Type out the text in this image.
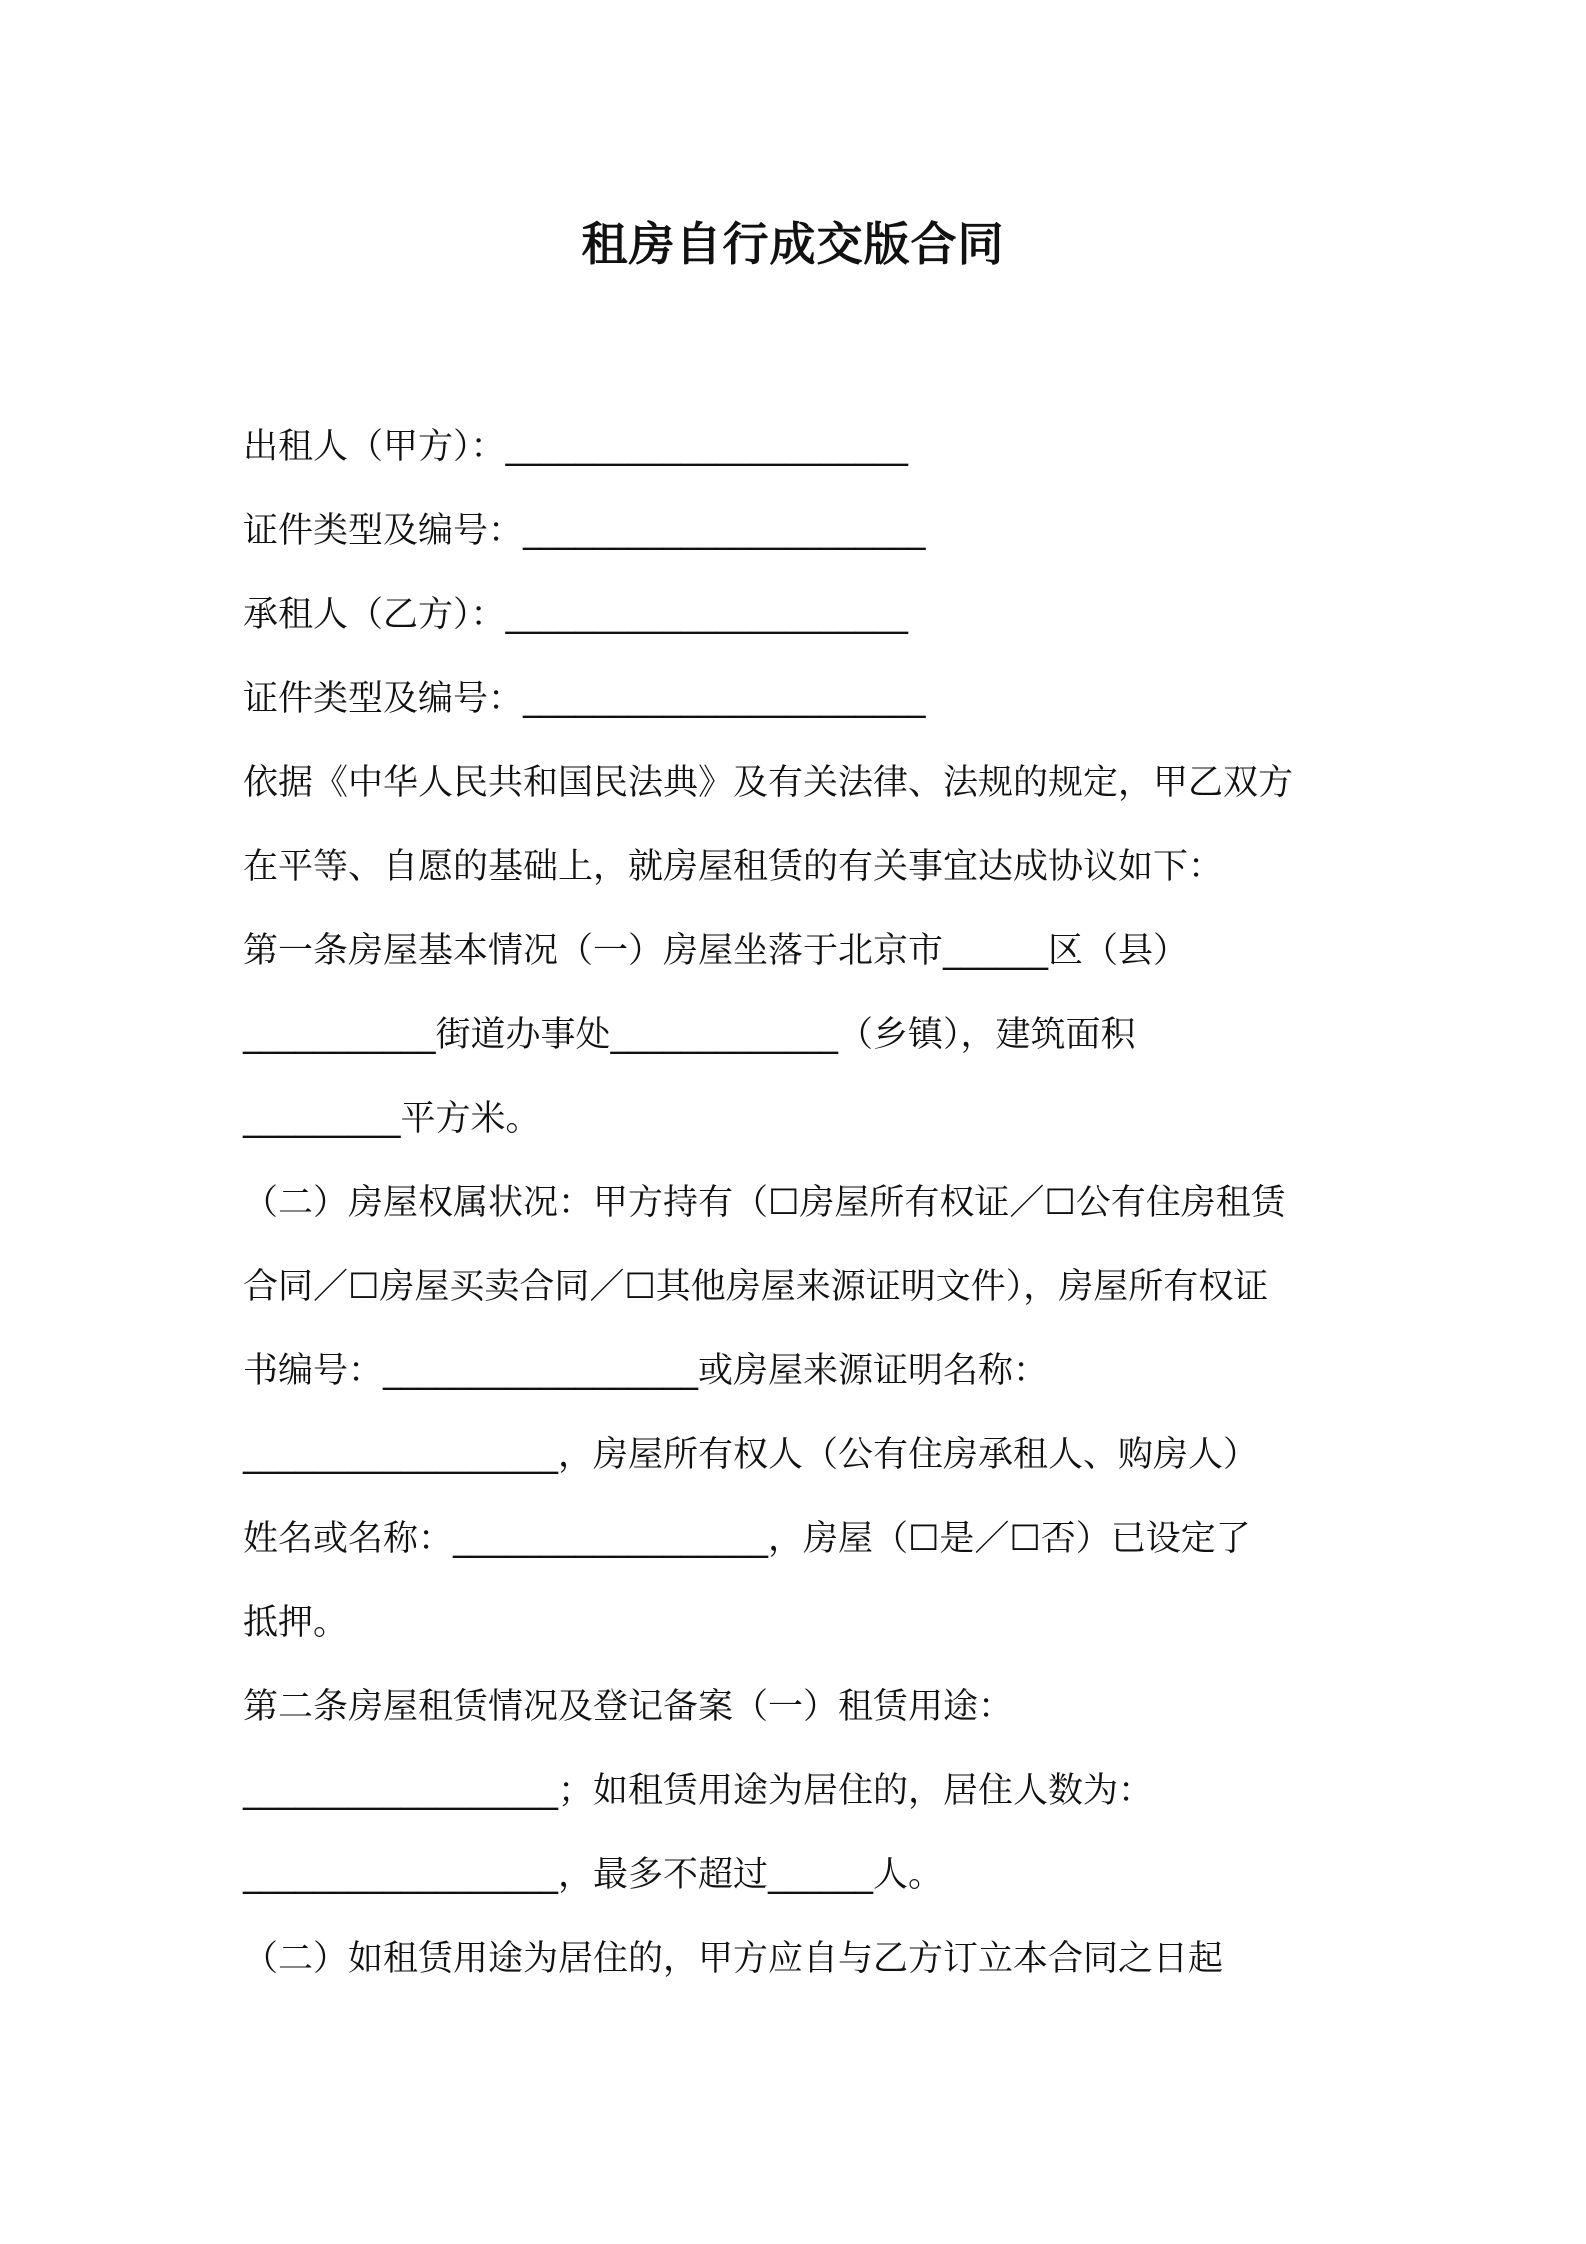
租房自行成交版合同

出租人（甲方）：_______________________

证件类型及编号：_______________________

承租人（乙方）：_______________________

证件类型及编号：_______________________

依据《中华人民共和国民法典》及有关法律、法规的规定，甲乙双方

在平等、自愿的基础上，就房屋租赁的有关事宜达成协议如下：

第一条房屋基本情况（一）房屋坐落于北京市______区（县）

___________街道办事处_____________（乡镇），建筑面积

_________平方米。

（二）房屋权属状况：甲方持有（☐房屋所有权证／☐公有住房租赁

合同／☐房屋买卖合同／☐其他房屋来源证明文件），房屋所有权证

书编号：__________________或房屋来源证明名称：

__________________，房屋所有权人（公有住房承租人、购房人）

姓名或名称：__________________，房屋（☐是／☐否）已设定了

抵押。

第二条房屋租赁情况及登记备案（一）租赁用途：

__________________；如租赁用途为居住的，居住人数为：

__________________，最多不超过______人。

（二）如租赁用途为居住的，甲方应自与乙方订立本合同之日起
